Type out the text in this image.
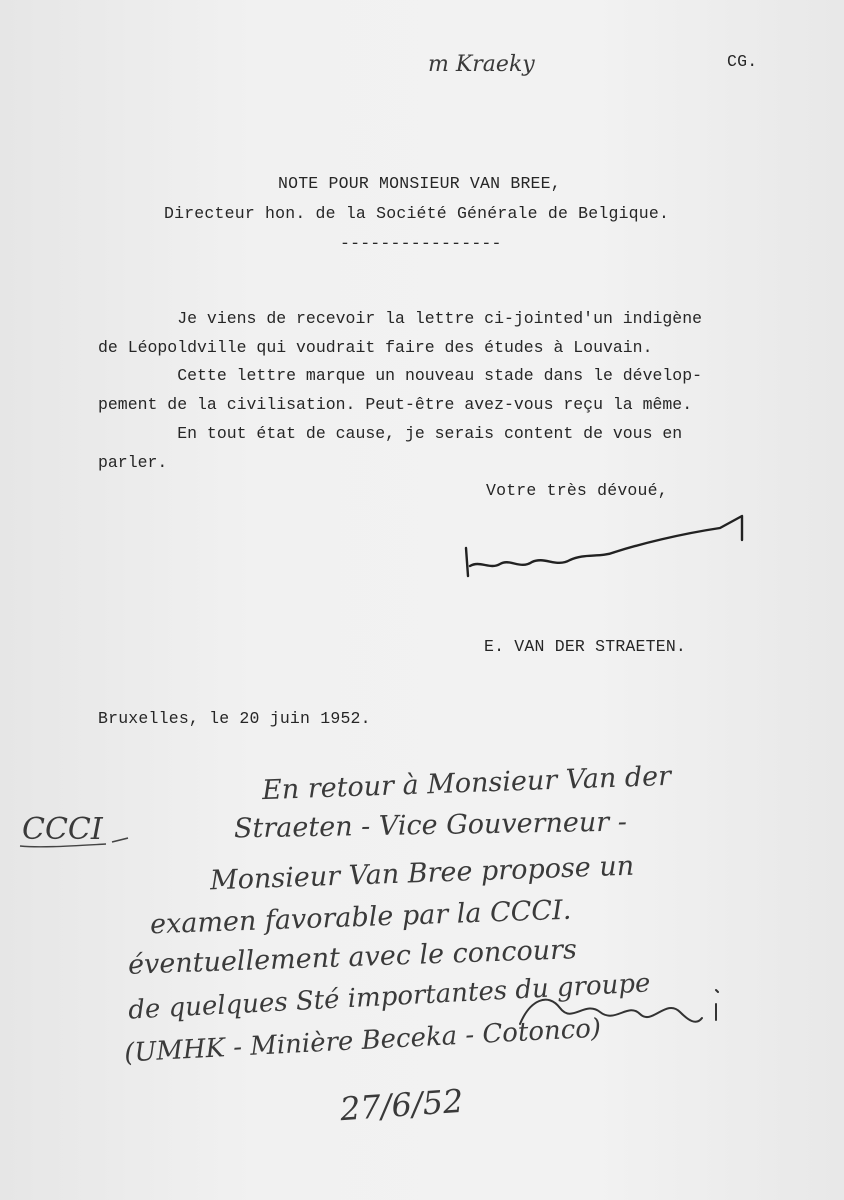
m Kraeky	CG.
NOTE POUR MONSIEUR VAN BREE,
Directeur hon. de la Société Générale de Belgique.
----------------
Je viens de recevoir la lettre ci-jointed'un indigène
de Léopoldville qui voudrait faire des études à Louvain.
Cette lettre marque un nouveau stade dans le dévelop-
pement de la civilisation. Peut-être avez-vous reçu la même.
En tout état de cause, je serais content de vous en
parler.
Votre très dévoué,
E. VAN DER STRAETEN.
Bruxelles, le 20 juin 1952.
CCCI
En retour à Monsieur Van der
Straeten - Vice Gouverneur -
Monsieur Van Bree propose un
examen favorable par la CCCI.
éventuellement avec le concours
de quelques Sté importantes du groupe
(UMHK - Minière Beceka - Cotonco)
27/6/52
